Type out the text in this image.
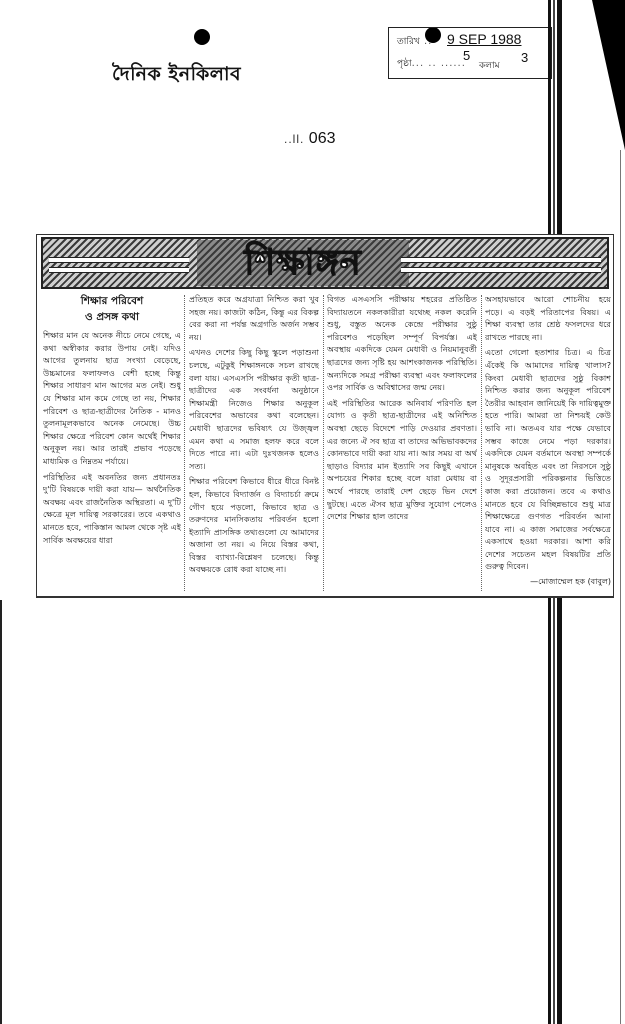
দৈনিক ইনকিলাব
তারিখ .. 9 SEP 1988
পৃষ্ঠা... .. ......
5
কলাম
3
..ll. 063
শিক্ষাঙ্গন
শিক্ষার পরিবেশ
ও প্রসঙ্গ কথা

শিক্ষার মান যে অনেক নীচে নেমে গেছে, এ কথা অস্বীকার করার উপায় নেই। যদিও আগের তুলনায় ছাত্র সংখ্যা বেড়েছে, উচ্চমানের ফলাফলও বেশী হচ্ছে কিন্তু শিক্ষার সাধারণ মান আগের মত নেই। শুধু যে শিক্ষার মান কমে গেছে তা নয়, শিক্ষার পরিবেশ ও ছাত্র-ছাত্রীদের নৈতিক - মানও তুলনামূলকভাবে অনেক নেমেছে। উচ্চ শিক্ষার ক্ষেত্রে পরিবেশ কোন অর্থেই শিক্ষার অনুকূল নয়। আর তারই প্রভাব পড়েছে মাধ্যমিক ও নিম্নতম পর্যায়ে।

পরিস্থিতির এই অবনতির জন্য প্রধানতঃ দু'টি বিষয়কে দায়ী করা যায়— অর্থনৈতিক অবক্ষয় এবং রাজনৈতিক অস্থিরতা। এ দু'টি ক্ষেত্রে মূল দায়িত্ব সরকারের। তবে একথাও মানতে হবে, পাকিস্তান আমল থেকে সৃষ্ট এই সার্বিক অবক্ষয়ের ধারা

প্রতিহত করে অগ্রযাত্রা নিশ্চিত করা খুব সহজ নয়। কাজটা কঠিন, কিন্তু এর বিকল্প বের করা না পর্যন্ত অগ্রগতি অর্জন সম্ভব নয়।

এখনও দেশের কিছু কিছু স্কুলে পড়াশুনা চলছে, এটুকুই শিক্ষাঙ্গনকে সচল রাখছে বলা যায়। এসএসসি পরীক্ষার কৃতী ছাত্র-ছাত্রীদের এক সংবর্ধনা অনুষ্ঠানে শিক্ষামন্ত্রী নিজেও শিক্ষার অনুকূল পরিবেশের অভাবের কথা বলেছেন। মেধাবী ছাত্রদের ভবিষ্যৎ যে উজ্জ্বল এমন কথা এ সমাজ হলফ করে বলে দিতে পারে না। এটা দুঃখজনক হলেও সত্য।

শিক্ষার পরিবেশ কিভাবে ধীরে ধীরে বিনষ্ট হল, কিভাবে বিদ্যার্জন ও বিদ্যাচর্চা ক্রমে গৌণ হয়ে পড়লো, কিভাবে ছাত্র ও তরুণদের মানসিকতায় পরিবর্তন হলো ইত্যাদি প্রাসঙ্গিক তথ্যগুলো যে আমাদের অজানা তা নয়। এ নিয়ে বিস্তর কথা, বিস্তর ব্যাখ্যা-বিশ্লেষণ চলেছে। কিন্তু অবক্ষয়কে রোধ করা যাচ্ছে না।

বিগত এসএসসি পরীক্ষায় শহরের প্রতিষ্ঠিত বিদ্যায়তনে নকলকারীরা যথেচ্ছ নকল করেনি শুধু, বস্তুত অনেক কেন্দ্রে পরীক্ষার সুষ্ঠু পরিবেশও পড়েছিল সম্পূর্ণ বিপর্যস্ত। এই অবস্থায় একদিকে যেমন মেধাবী ও নিয়মানুবর্তী ছাত্রদের জন্য সৃষ্টি হয় আশংকাজনক পরিস্থিতি। অন্যদিকে সমগ্র পরীক্ষা ব্যবস্থা এবং ফলাফলের ওপর সার্বিক ও অবিশ্বাসের জন্ম নেয়।

এই পরিস্থিতির আরেক অনিবার্য পরিণতি হল যোগ্য ও কৃতী ছাত্র-ছাত্রীদের এই অনিশ্চিত অবস্থা ছেড়ে বিদেশে পাড়ি দেওয়ার প্রবণতা। এর জন্যে ঐ সব ছাত্র বা তাদের অভিভাবকদের কোনভাবে দায়ী করা যায় না। আর সময় বা অর্থ ছাড়াও বিদ্যার মান ইত্যাদি সব কিছুই এখানে অপচয়ের শিকার হচ্ছে বলে যারা মেধায় বা অর্থে পারছে তারাই দেশ ছেড়ে ভিন দেশে ছুটছে। এতে ঐসব ছাত্র মুক্তির সুযোগ পেলেও দেশের শিক্ষার হাল তাদের

অসহায়ভাবে আরো শোচনীয় হয়ে পড়ে। এ বড়ই পরিতাপের বিষয়। এ শিক্ষা ব্যবস্থা তার শ্রেষ্ঠ ফসলদের ধরে রাখতে পারছে না।

এতো গেলো হতাশার চিত্র। এ চিত্র এঁকেই কি আমাদের দায়িত্ব খালাস? কিংবা মেধাবী ছাত্রদের সুষ্ঠু বিকাশ নিশ্চিত করার জন্য অনুকূল পরিবেশ তৈরীর আহবান জানিয়েই কি দায়িত্বমুক্ত হতে পারি। আমরা তা নিশ্চয়ই কেউ ভাবি না। অতএব যার পক্ষে যেভাবে সম্ভব কাজে নেমে পড়া দরকার। একদিকে যেমন বর্তমানে অবস্থা সম্পর্কে মানুষকে অবহিত এবং তা নিরসনে সুষ্ঠু ও সুদূরপ্রসারী পরিকল্পনার ভিত্তিতে কাজ করা প্রয়োজন। তবে এ কথাও মানতে হবে যে বিচ্ছিন্নভাবে শুধু মাত্র শিক্ষাক্ষেত্রে গুণগত পরিবর্তন আনা যাবে না। এ কাজ সমাজের সর্বক্ষেত্রে একসাথে হওয়া দরকার। আশা করি দেশের সচেতন মহল বিষয়টির প্রতি গুরুত্ব দিবেন।

—মোজাম্মেল হক (বাবুল)
